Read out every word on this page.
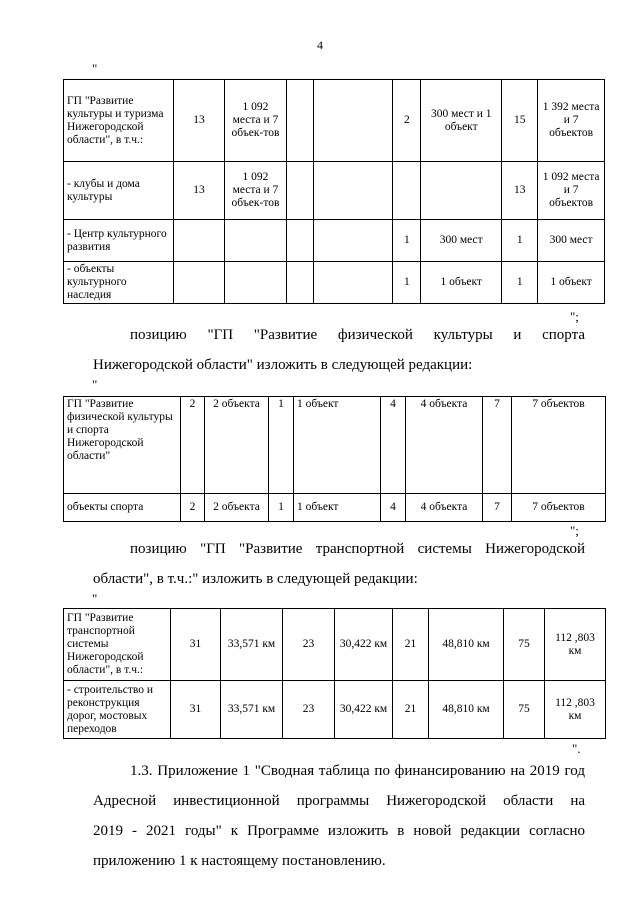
4
"
ГП "Развитие культуры и туризма Нижегородской области", в т.ч.:	13	1 092 места и 7 объек-тов			2	300 мест и 1 объект	15	1 392 места и 7 объектов
- клубы и дома культуры	13	1 092 места и 7 объек-тов					13	1 092 места и 7 объектов
- Центр культурного развития					1	300 мест	1	300 мест
- объекты культурного наследия					1	1 объект	1	1 объект
";
позицию "ГП "Развитие физической культуры и спорта
Нижегородской области" изложить в следующей редакции:
"
ГП "Развитие физической культуры и спорта Нижегородской области"	2	2 объекта	1	1 объект	4	4 объекта	7	7 объектов
объекты спорта	2	2 объекта	1	1 объект	4	4 объекта	7	7 объектов
";
позицию "ГП "Развитие транспортной системы Нижегородской
области", в т.ч.:" изложить в следующей редакции:
"
ГП "Развитие транспортной системы Нижегородской области", в т.ч.:	31	33,571 км	23	30,422 км	21	48,810 км	75	112 ,803 км
- строительство и реконструкция дорог, мостовых переходов	31	33,571 км	23	30,422 км	21	48,810 км	75	112 ,803 км
".
1.3. Приложение 1 "Сводная таблица по финансированию на 2019 год
Адресной инвестиционной программы Нижегородской области на
2019 - 2021 годы" к Программе изложить в новой редакции согласно
приложению 1 к настоящему постановлению.
